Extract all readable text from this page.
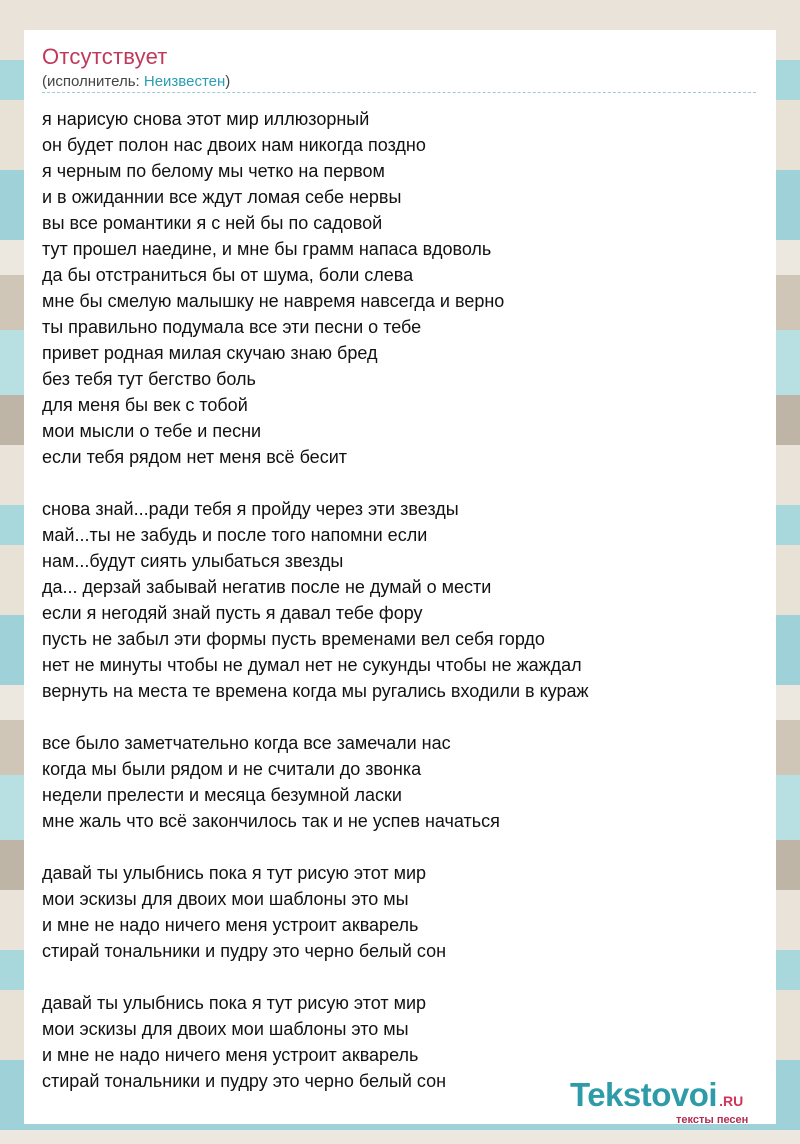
Отсутствует
(исполнитель: Неизвестен)
я нарисую снова этот мир иллюзорный
он будет полон нас двоих нам никогда поздно
я черным по белому мы четко на первом
и в ожиданнии все ждут ломая себе нервы
вы все романтики я с ней бы по садовой
тут прошел наедине, и мне бы грамм напаса вдоволь
да бы отстраниться бы от шума, боли слева
мне бы смелую малышку не навремя навсегда и верно
ты правильно подумала все эти песни о тебе
привет родная милая скучаю знаю бред
без тебя тут бегство боль
для меня бы век с тобой
мои мысли о тебе и песни
если тебя рядом нет меня всё бесит
снова знай...ради тебя я пройду через эти звезды
май...ты не забудь и после того напомни если
нам...будут сиять улыбаться звезды
да... дерзай забывай негатив после не думай о мести
если я негодяй знай пусть я давал тебе фору
пусть не забыл эти формы пусть временами вел себя гордо
нет не минуты чтобы не думал нет не сукунды чтобы не жаждал
вернуть на места те времена когда мы ругались входили в кураж
все было заметчательно когда все замечали нас
когда мы были рядом и не считали до звонка
недели прелести и месяца безумной ласки
мне жаль что всё закончилось так и не успев начаться
давай ты улыбнись пока я тут рисую этот мир
мои эскизы для двоих мои шаблоны это мы
и мне не надо ничего меня устроит акварель
стирай тональники и пудру это черно белый сон
давай ты улыбнись пока я тут рисую этот мир
мои эскизы для двоих мои шаблоны это мы
и мне не надо ничего меня устроит акварель
стирай тональники и пудру это черно белый сон	Tekstovoi .RU
тексты песен
